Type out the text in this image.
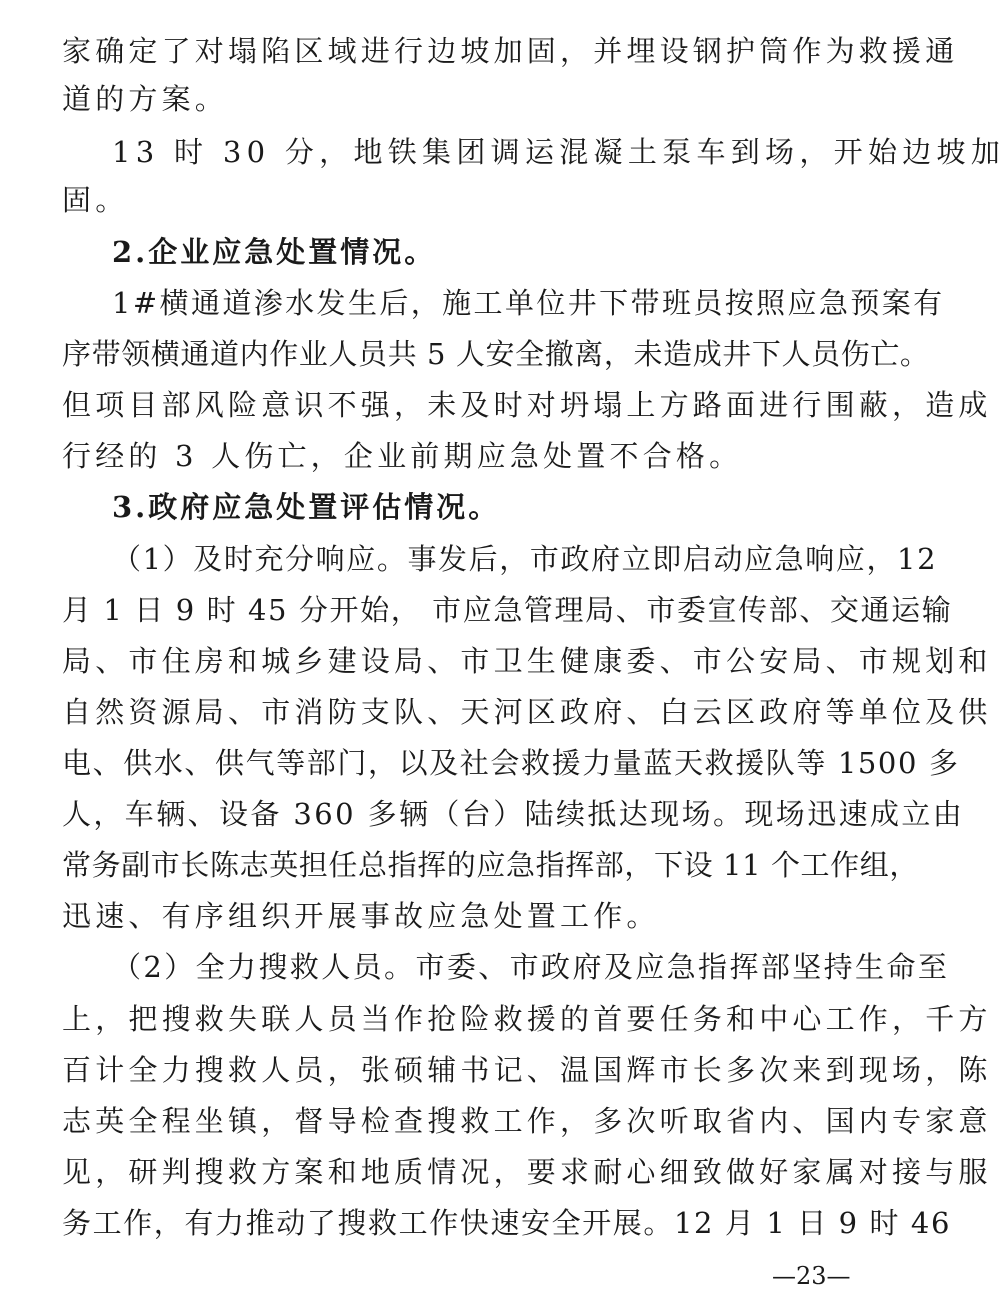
家确定了对塌陷区域进行边坡加固，并埋设钢护筒作为救援通
道的方案。
13 时 30 分，地铁集团调运混凝土泵车到场，开始边坡加
固。
2.企业应急处置情况。
1#横通道渗水发生后，施工单位井下带班员按照应急预案有
序带领横通道内作业人员共 5 人安全撤离，未造成井下人员伤亡。
但项目部风险意识不强，未及时对坍塌上方路面进行围蔽，造成
行经的 3 人伤亡，企业前期应急处置不合格。
3.政府应急处置评估情况。
（1）及时充分响应。事发后，市政府立即启动应急响应，12
月 1 日 9 时 45 分开始， 市应急管理局、市委宣传部、交通运输
局、市住房和城乡建设局、市卫生健康委、市公安局、市规划和
自然资源局、市消防支队、天河区政府、白云区政府等单位及供
电、供水、供气等部门，以及社会救援力量蓝天救援队等 1500 多
人，车辆、设备 360 多辆（台）陆续抵达现场。现场迅速成立由
常务副市长陈志英担任总指挥的应急指挥部，下设 11 个工作组，
迅速、有序组织开展事故应急处置工作。
（2）全力搜救人员。市委、市政府及应急指挥部坚持生命至
上，把搜救失联人员当作抢险救援的首要任务和中心工作，千方
百计全力搜救人员，张硕辅书记、温国辉市长多次来到现场，陈
志英全程坐镇，督导检查搜救工作，多次听取省内、国内专家意
见，研判搜救方案和地质情况，要求耐心细致做好家属对接与服
务工作，有力推动了搜救工作快速安全开展。12 月 1 日 9 时 46
—23—
